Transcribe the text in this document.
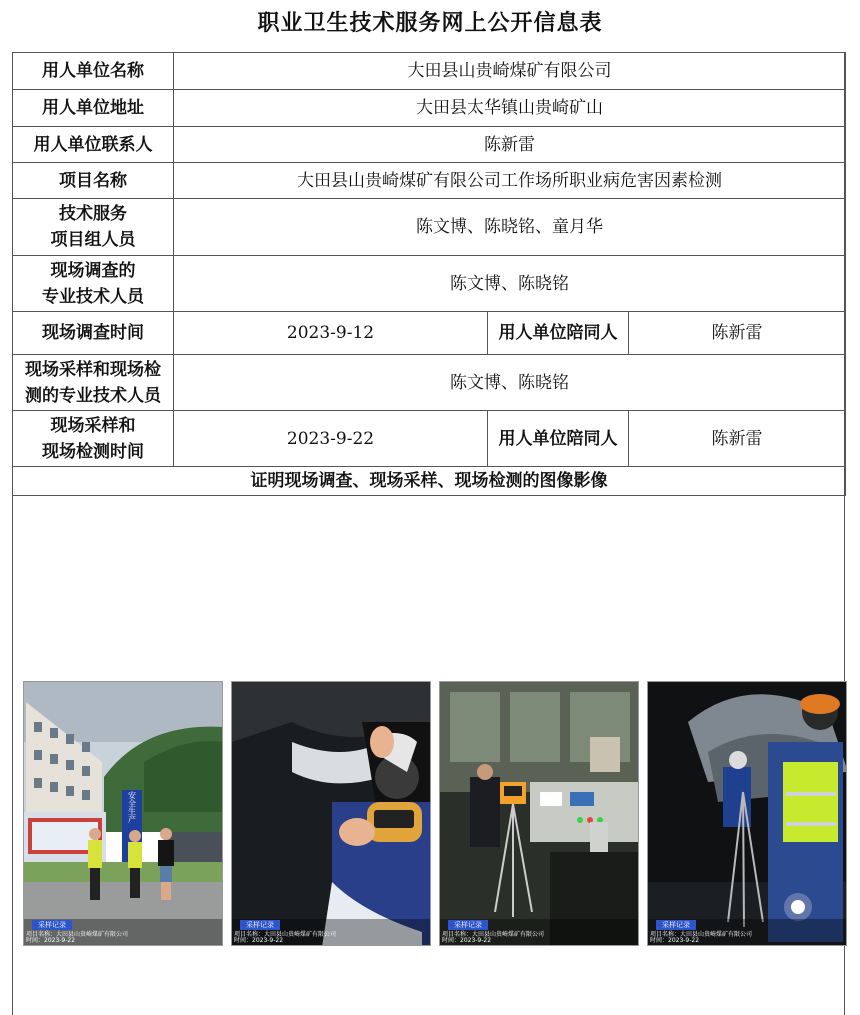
职业卫生技术服务网上公开信息表
用人单位名称	大田县山贵崎煤矿有限公司		
用人单位地址	大田县太华镇山贵崎矿山		
用人单位联系人	陈新雷		
项目名称	大田县山贵崎煤矿有限公司工作场所职业病危害因素检测		

技术服务
项目组人员	陈文博、陈晓铭、童月华		

现场调查的
专业技术人员	陈文博、陈晓铭		
现场调查时间	2023-9-12	用人单位陪同人	陈新雷

现场采样和现场检
测的专业技术人员	陈文博、陈晓铭		

现场采样和
现场检测时间	2023-9-22	用人单位陪同人	陈新雷
证明现场调查、现场采样、现场检测的图像影像			
安全生产
采样记录
项目名称：大田县山贵崎煤矿有限公司
时间：2023-9-22
采样记录
项目名称：大田县山贵崎煤矿有限公司
时间：2023-9-22
采样记录
项目名称：大田县山贵崎煤矿有限公司
时间：2023-9-22
采样记录
项目名称：大田县山贵崎煤矿有限公司
时间：2023-9-22
